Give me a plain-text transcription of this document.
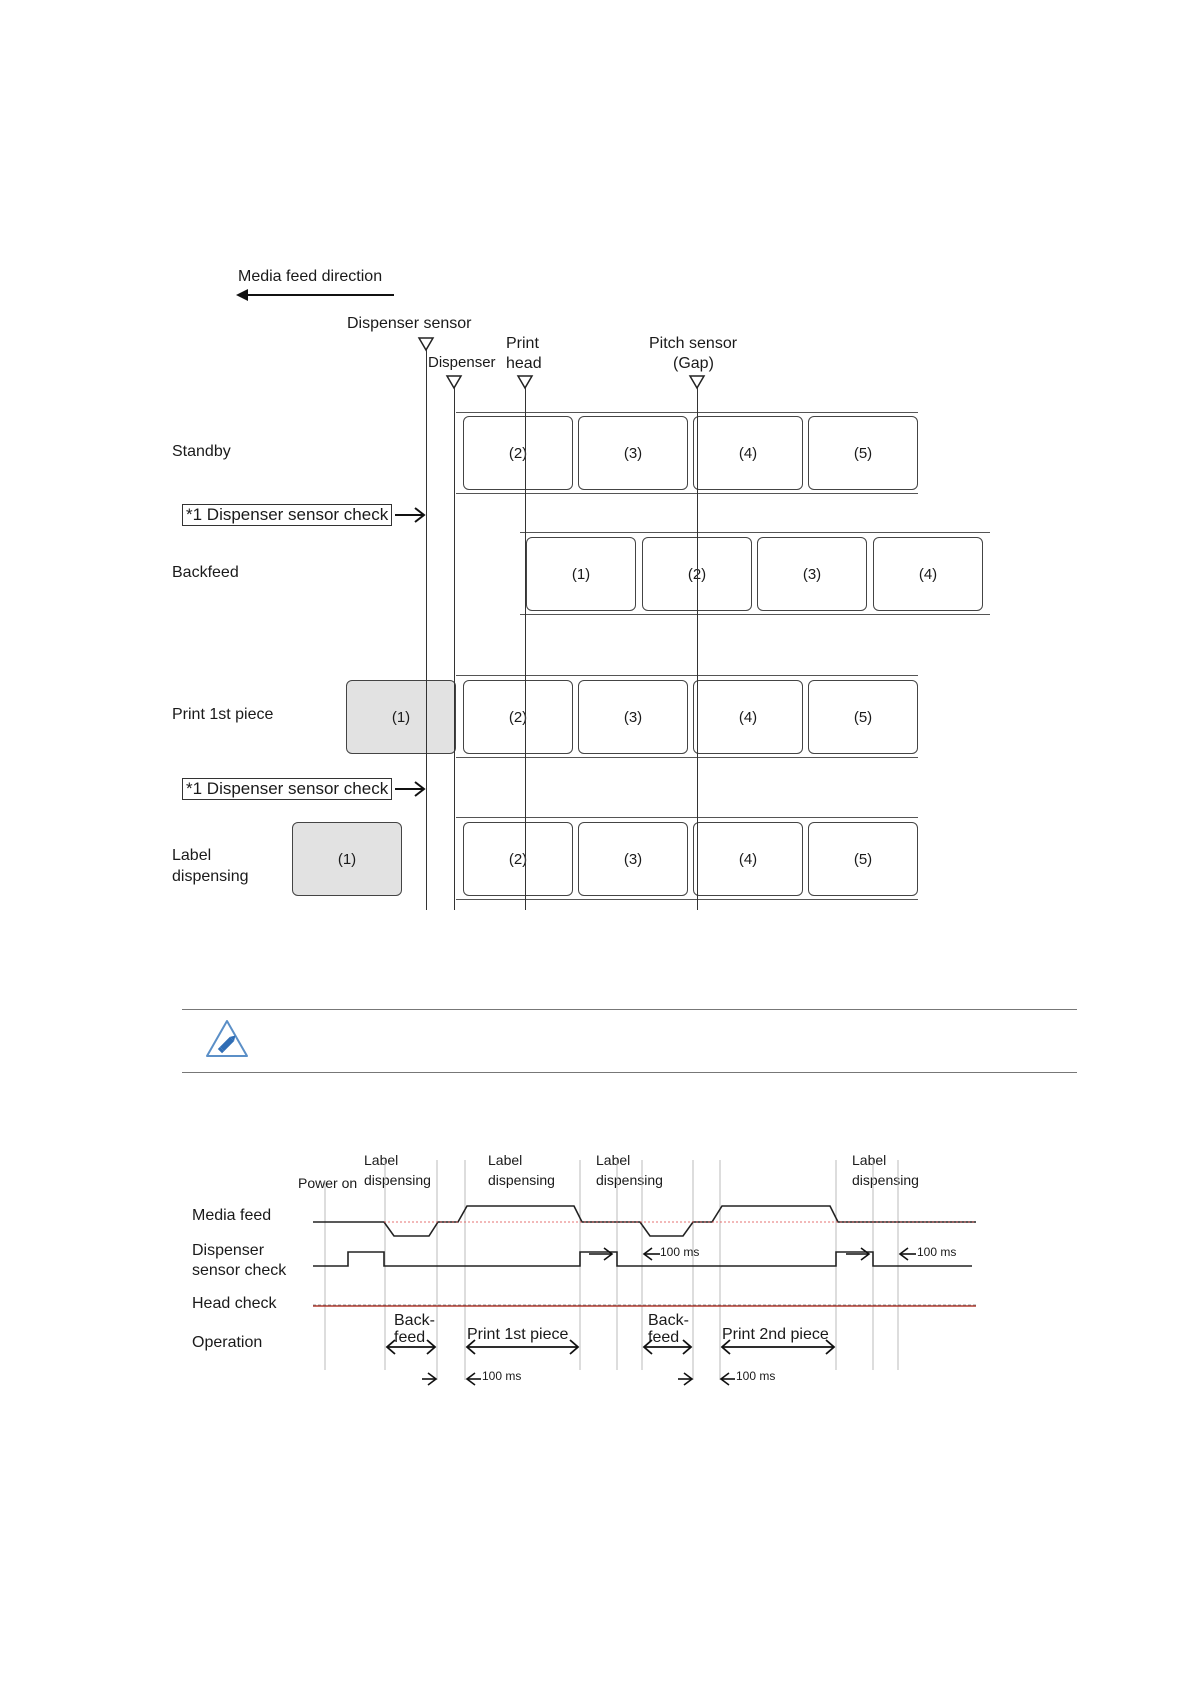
Media feed direction
Dispenser sensor
Dispenser
Print
head
Pitch sensor
(Gap)
Standby
*1 Dispenser sensor check
Backfeed
Print 1st piece
*1 Dispenser sensor check
Label
dispensing
(2)	(3)	(4)	(5)
(1)	(2)	(3)	(4)
(1)	(2)	(3)	(4)	(5)
(1)	(2)	(3)	(4)	(5)
Label
dispensing
Power on
Label
dispensing
Label
dispensing
Label
dispensing
Media feed
Dispenser
sensor check
Head check
Operation
Back-
feed	Print 1st piece
Back-
feed	Print 2nd piece
100 ms	100 ms
100 ms	100 ms
